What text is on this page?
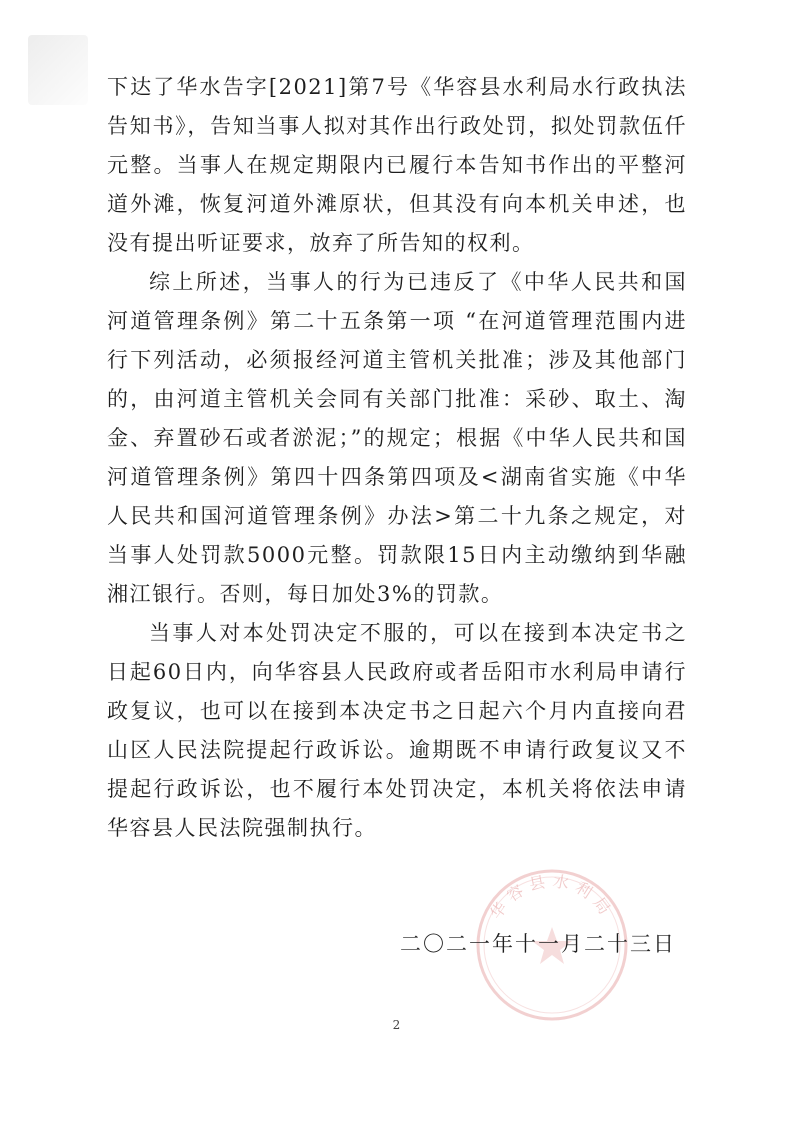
下达了华水告字[2021]第7号《华容县水利局水行政执法告知书》，告知当事人拟对其作出行政处罚，拟处罚款伍仟元整。当事人在规定期限内已履行本告知书作出的平整河道外滩，恢复河道外滩原状，但其没有向本机关申述，也没有提出听证要求，放弃了所告知的权利。

综上所述，当事人的行为已违反了《中华人民共和国河道管理条例》第二十五条第一项 “在河道管理范围内进行下列活动，必须报经河道主管机关批准；涉及其他部门的，由河道主管机关会同有关部门批准：采砂、取土、淘金、弃置砂石或者淤泥；”的规定；根据《中华人民共和国河道管理条例》第四十四条第四项及<湖南省实施《中华人民共和国河道管理条例》办法>第二十九条之规定，对当事人处罚款5000元整。罚款限15日内主动缴纳到华融湘江银行。否则，每日加处3%的罚款。

当事人对本处罚决定不服的，可以在接到本决定书之日起60日内，向华容县人民政府或者岳阳市水利局申请行政复议，也可以在接到本决定书之日起六个月内直接向君山区人民法院提起行政诉讼。逾期既不申请行政复议又不提起行政诉讼，也不履行本处罚决定，本机关将依法申请华容县人民法院强制执行。

华容县水利局
二〇二一年十一月二十三日
2
